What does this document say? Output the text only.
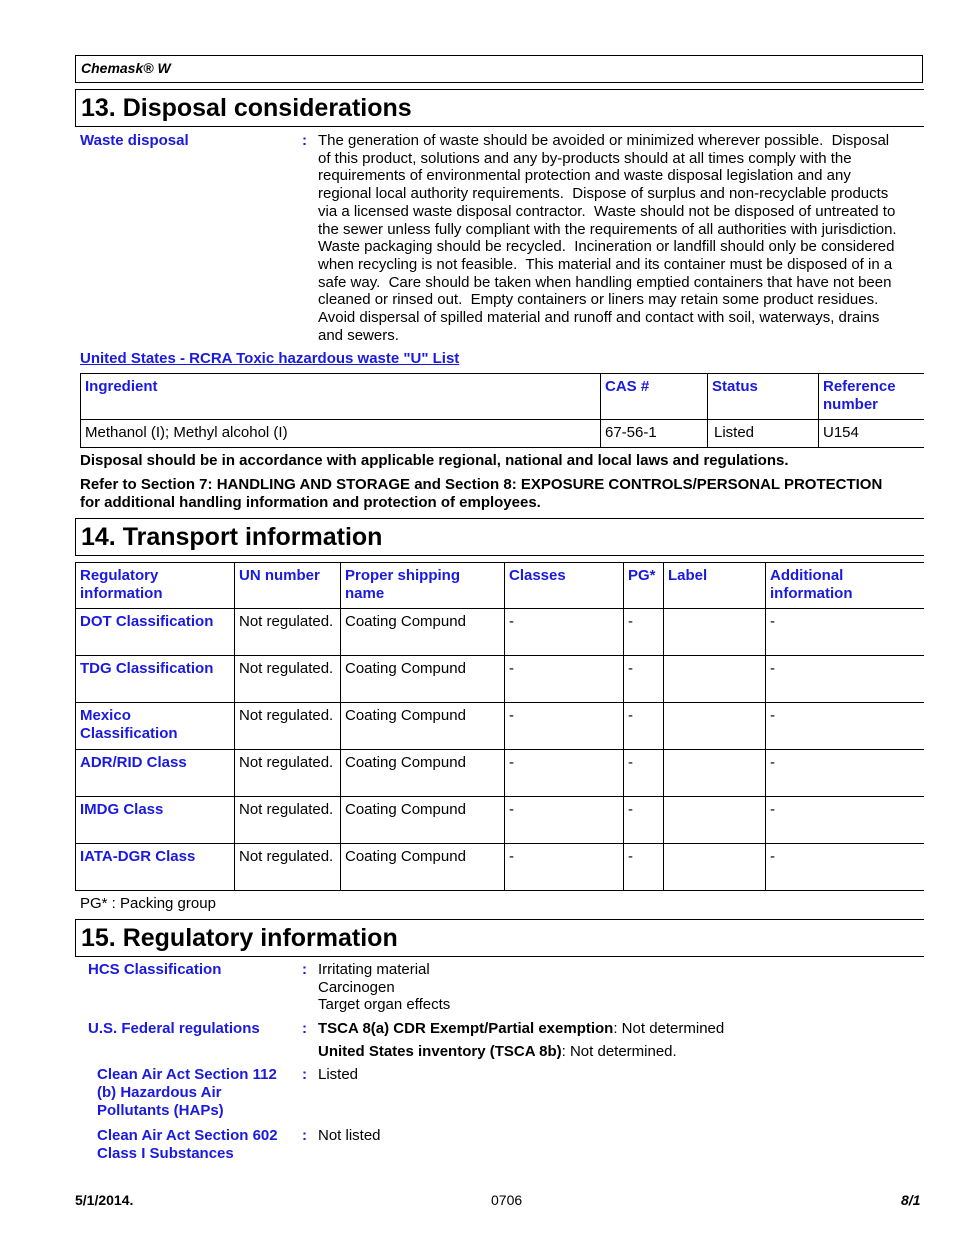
Chemask® W
13. Disposal considerations
Waste disposal	: The generation of waste should be avoided or minimized wherever possible.  Disposal
of this product, solutions and any by-products should at all times comply with the
requirements of environmental protection and waste disposal legislation and any
regional local authority requirements.  Dispose of surplus and non-recyclable products
via a licensed waste disposal contractor.  Waste should not be disposed of untreated to
the sewer unless fully compliant with the requirements of all authorities with jurisdiction.
Waste packaging should be recycled.  Incineration or landfill should only be considered
when recycling is not feasible.  This material and its container must be disposed of in a
safe way.  Care should be taken when handling emptied containers that have not been
cleaned or rinsed out.  Empty containers or liners may retain some product residues.
Avoid dispersal of spilled material and runoff and contact with soil, waterways, drains
and sewers.
United States - RCRA Toxic hazardous waste "U" List
Ingredient	CAS #	Status	Reference number
Methanol (I); Methyl alcohol (I)	67-56-1	Listed	U154
Disposal should be in accordance with applicable regional, national and local laws and regulations.
Refer to Section 7: HANDLING AND STORAGE and Section 8: EXPOSURE CONTROLS/PERSONAL PROTECTION
for additional handling information and protection of employees.
14. Transport information
Regulatory information	UN number	Proper shipping name	Classes	PG*	Label	Additional information
DOT Classification	Not regulated.	Coating Compund	-	-		-
TDG Classification	Not regulated.	Coating Compund	-	-		-
Mexico Classification	Not regulated.	Coating Compund	-	-		-
ADR/RID Class	Not regulated.	Coating Compund	-	-		-
IMDG Class	Not regulated.	Coating Compund	-	-		-
IATA-DGR Class	Not regulated.	Coating Compund	-	-		-
PG* : Packing group
15. Regulatory information
HCS Classification	: Irritating material
Carcinogen
Target organ effects
U.S. Federal regulations	: TSCA 8(a) CDR Exempt/Partial exemption: Not determined
United States inventory (TSCA 8b): Not determined.
Clean Air Act Section 112 (b) Hazardous Air Pollutants (HAPs)
: Listed
Clean Air Act Section 602 Class I Substances
: Not listed
5/1/2014.	0706	8/1
